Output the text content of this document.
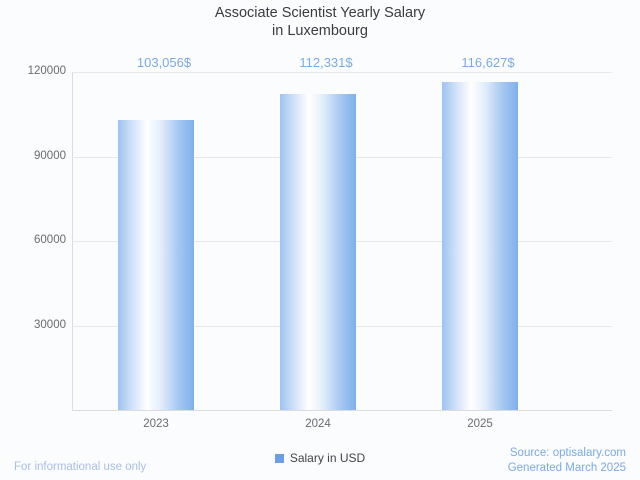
Associate Scientist Yearly Salary
in Luxembourg
120000
90000
60000
30000
103,056$	112,331$	116,627$
2023	2024	2025
Salary in USD
For informational use only
Source: optisalary.com
Generated March 2025
